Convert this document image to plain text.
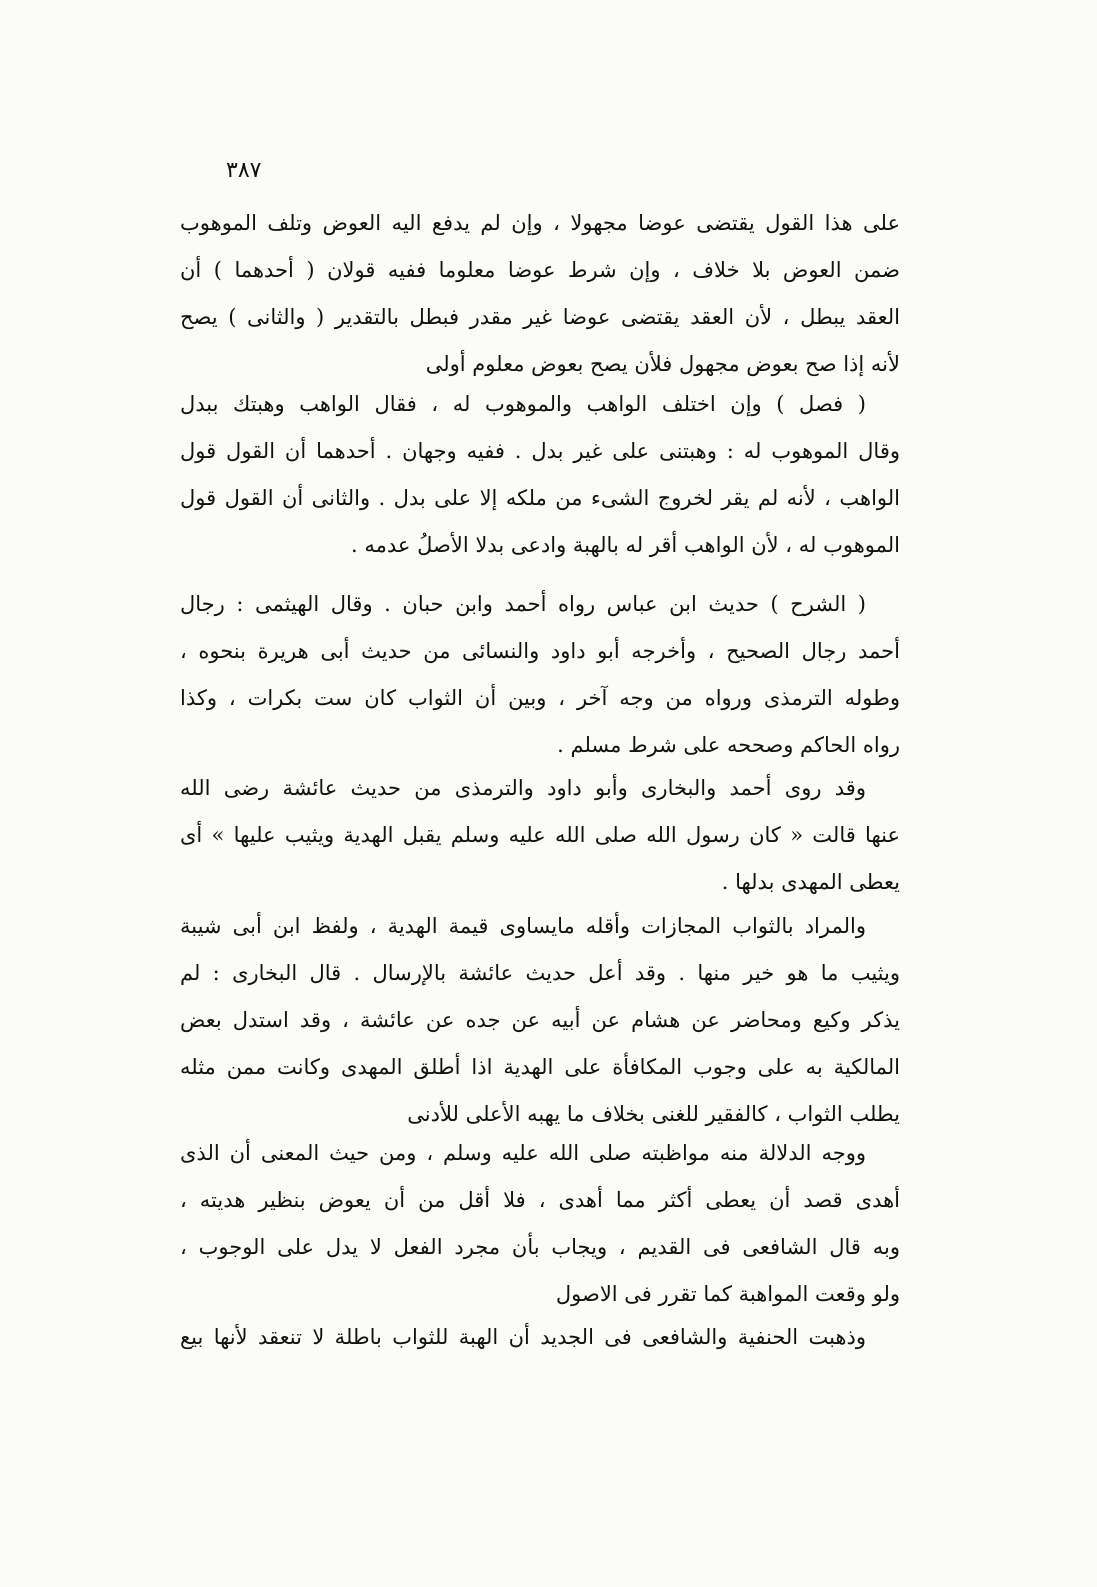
٣٨٧
على هذا القول يقتضى عوضا مجهولا ، وإن لم يدفع اليه العوض وتلف الموهوب
ضمن العوض بلا خلاف ، وإن شرط عوضا معلوما ففيه قولان ( أحدهما ) أن
العقد يبطل ، لأن العقد يقتضى عوضا غير مقدر فبطل بالتقدير ( والثانى ) يصح
لأنه إذا صح بعوض مجهول فلأن يصح بعوض معلوم أولى
( فصل ) وإن اختلف الواهب والموهوب له ، فقال الواهب وهبتك ببدل
وقال الموهوب له : وهبتنى على غير بدل . ففيه وجهان . أحدهما أن القول قول
الواهب ، لأنه لم يقر لخروج الشىء من ملكه إلا على بدل . والثانى أن القول قول
الموهوب له ، لأن الواهب أقر له بالهبة وادعى بدلا الأصلُ عدمه .
( الشرح ) حديث ابن عباس رواه أحمد وابن حبان . وقال الهيثمى : رجال
أحمد رجال الصحيح ، وأخرجه أبو داود والنسائى من حديث أبى هريرة بنحوه ،
وطوله الترمذى ورواه من وجه آخر ، وبين أن الثواب كان ست بكرات ، وكذا
رواه الحاكم وصححه على شرط مسلم .
وقد روى أحمد والبخارى وأبو داود والترمذى من حديث عائشة رضى الله
عنها قالت « كان رسول الله صلى الله عليه وسلم يقبل الهدية ويثيب عليها » أى
يعطى المهدى بدلها .
والمراد بالثواب المجازات وأقله مايساوى قيمة الهدية ، ولفظ ابن أبى شيبة
ويثيب ما هو خير منها . وقد أعل حديث عائشة بالإرسال . قال البخارى : لم
يذكر وكيع ومحاضر عن هشام عن أبيه عن جده عن عائشة ، وقد استدل بعض
المالكية به على وجوب المكافأة على الهدية اذا أطلق المهدى وكانت ممن مثله
يطلب الثواب ، كالفقير للغنى بخلاف ما يهبه الأعلى للأدنى
ووجه الدلالة منه مواظبته صلى الله عليه وسلم ، ومن حيث المعنى أن الذى
أهدى قصد أن يعطى أكثر مما أهدى ، فلا أقل من أن يعوض بنظير هديته ،
وبه قال الشافعى فى القديم ، ويجاب بأن مجرد الفعل لا يدل على الوجوب ،
ولو وقعت المواهبة كما تقرر فى الاصول
وذهبت الحنفية والشافعى فى الجديد أن الهبة للثواب باطلة لا تنعقد لأنها بيع
